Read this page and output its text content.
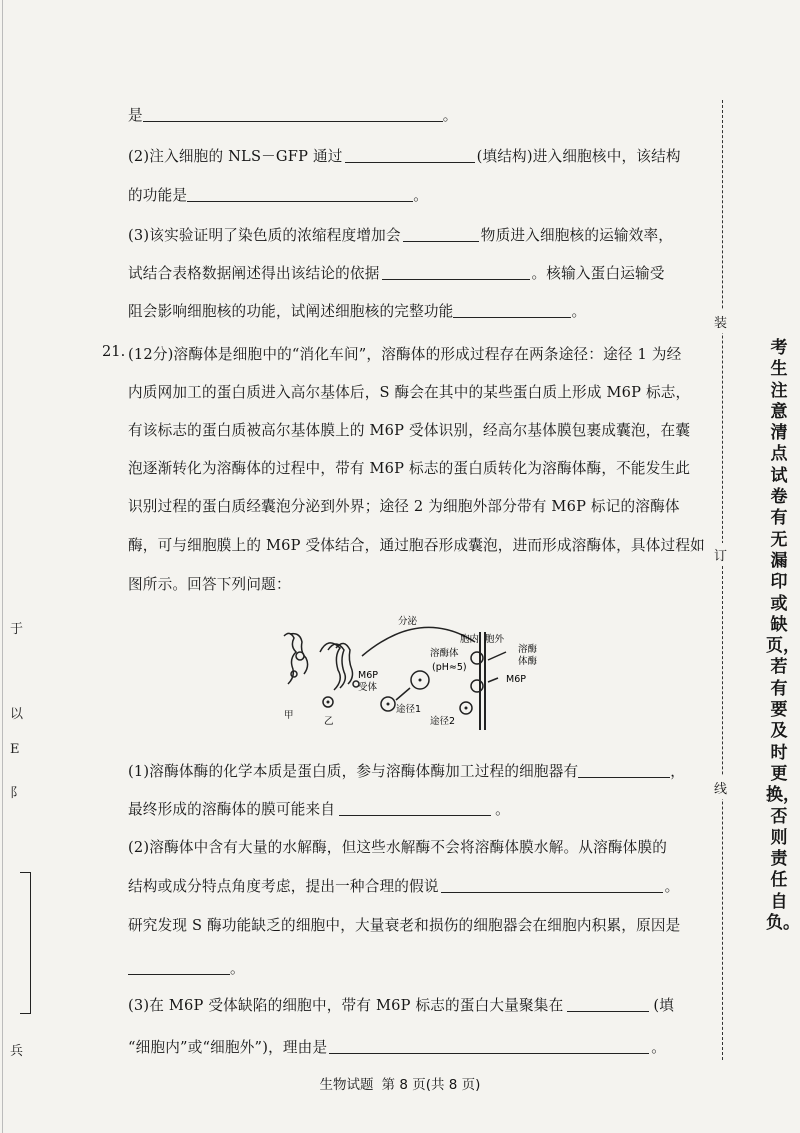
是	。
(2)注入细胞的 NLS－GFP 通过	(填结构)进入细胞核中，该结构
的功能是	。
(3)该实验证明了染色质的浓缩程度增加会	物质进入细胞核的运输效率，
试结合表格数据阐述得出该结论的依据	。核输入蛋白运输受
阻会影响细胞核的功能，试阐述细胞核的完整功能	。
21. (12分)溶酶体是细胞中的“消化车间”，溶酶体的形成过程存在两条途径：途径 1 为经
内质网加工的蛋白质进入高尔基体后，S 酶会在其中的某些蛋白质上形成 M6P 标志，
有该标志的蛋白质被高尔基体膜上的 M6P 受体识别，经高尔基体膜包裹成囊泡，在囊
泡逐渐转化为溶酶体的过程中，带有 M6P 标志的蛋白质转化为溶酶体酶，不能发生此
识别过程的蛋白质经囊泡分泌到外界；途径 2 为细胞外部分带有 M6P 标记的溶酶体
酶，可与细胞膜上的 M6P 受体结合，通过胞吞形成囊泡，进而形成溶酶体，具体过程如
图所示。回答下列问题：
分泌
胞内 胞外
溶酶体
(pH≈5)
溶酶
体酶
M6P
M6P
受体
途径1
途径2
甲
乙
(1)溶酶体酶的化学本质是蛋白质，参与溶酶体酶加工过程的细胞器有	，
最终形成的溶酶体的膜可能来自	。
(2)溶酶体中含有大量的水解酶，但这些水解酶不会将溶酶体膜水解。从溶酶体膜的
结构或成分特点角度考虑，提出一种合理的假说	。
研究发现 S 酶功能缺乏的细胞中，大量衰老和损伤的细胞器会在细胞内积累，原因是
。
(3)在 M6P 受体缺陷的细胞中，带有 M6P 标志的蛋白大量聚集在	(填
“细胞内”或“细胞外”)，理由是	。
装
订
线
考生注意清点试卷有无漏印或缺页，若有要及时更换，否则责任自负。
于
以
E
阝
兵
生物试题 第 8 页(共 8 页)
